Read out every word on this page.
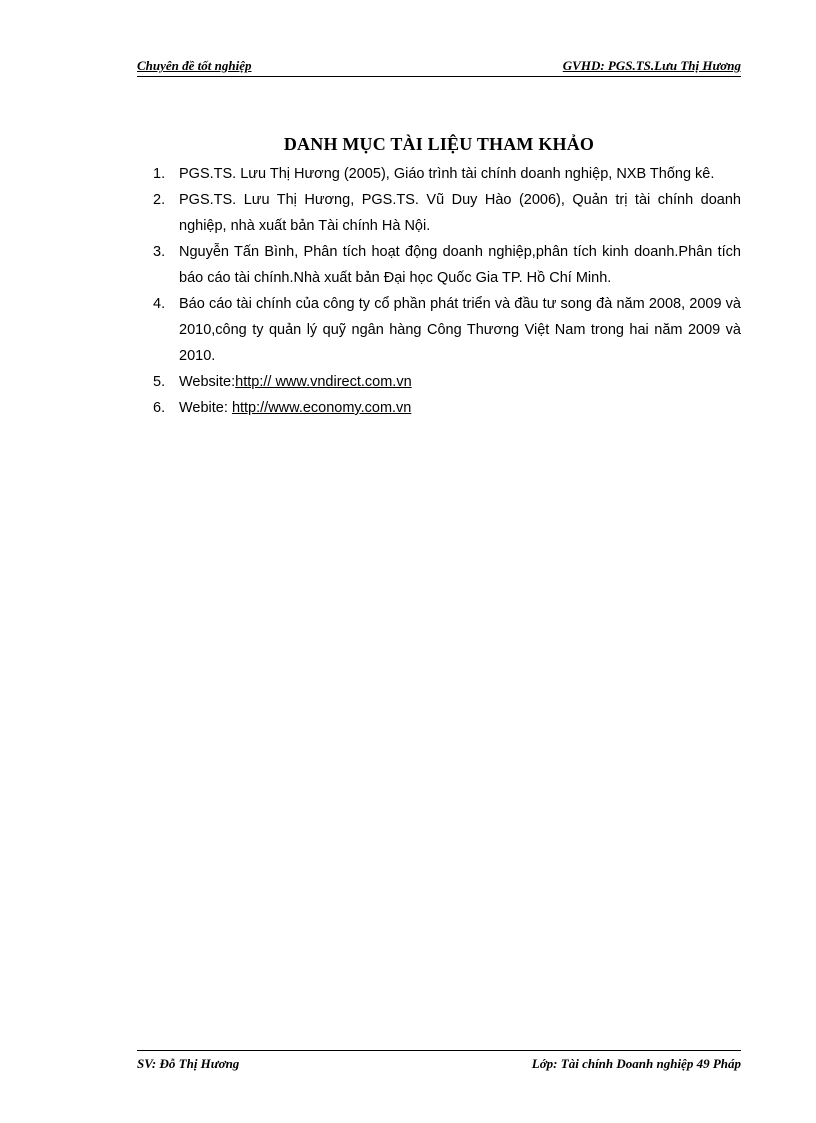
Chuyên đề tốt nghiệp	GVHD: PGS.TS.Lưu Thị Hương
DANH MỤC TÀI LIỆU THAM KHẢO
1. PGS.TS. Lưu Thị Hương (2005), Giáo trình tài chính doanh nghiệp, NXB Thống kê.
2. PGS.TS. Lưu Thị Hương, PGS.TS. Vũ Duy Hào (2006), Quản trị tài chính doanh nghiệp, nhà xuất bản Tài chính Hà Nội.
3. Nguyễn Tấn Bình, Phân tích hoạt động doanh nghiệp,phân tích kinh doanh.Phân tích báo cáo tài chính.Nhà xuất bản Đại học Quốc Gia TP. Hồ Chí Minh.
4. Báo cáo tài chính của công ty cổ phần phát triển và đầu tư song đà năm 2008, 2009 và 2010,công ty quản lý quỹ ngân hàng Công Thương Việt Nam trong hai năm 2009 và 2010.
5. Website:http:// www.vndirect.com.vn
6. Webite: http://www.economy.com.vn
SV: Đỗ Thị Hương	Lớp: Tài chính Doanh nghiệp 49 Pháp
